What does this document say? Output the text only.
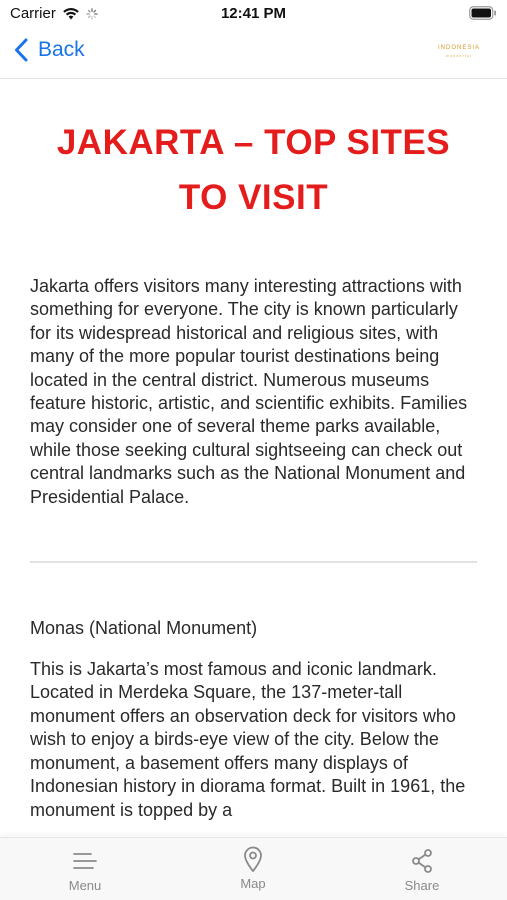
Carrier	12:41 PM
Back	INDONESIA
wonderful
JAKARTA – TOP SITES TO VISIT
Jakarta offers visitors many interesting attractions with something for everyone. The city is known particularly for its widespread historical and religious sites, with many of the more popular tourist destinations being located in the central district. Numerous museums feature historic, artistic, and scientific exhibits. Families may consider one of several theme parks available, while those seeking cultural sightseeing can check out central landmarks such as the National Monument and Presidential Palace.
Monas (National Monument)
This is Jakarta’s most famous and iconic landmark. Located in Merdeka Square, the 137-meter-tall monument offers an observation deck for visitors who wish to enjoy a birds-eye view of the city. Below the monument, a basement offers many displays of Indonesian history in diorama format. Built in 1961, the monument is topped by a
Menu	Map	Share
